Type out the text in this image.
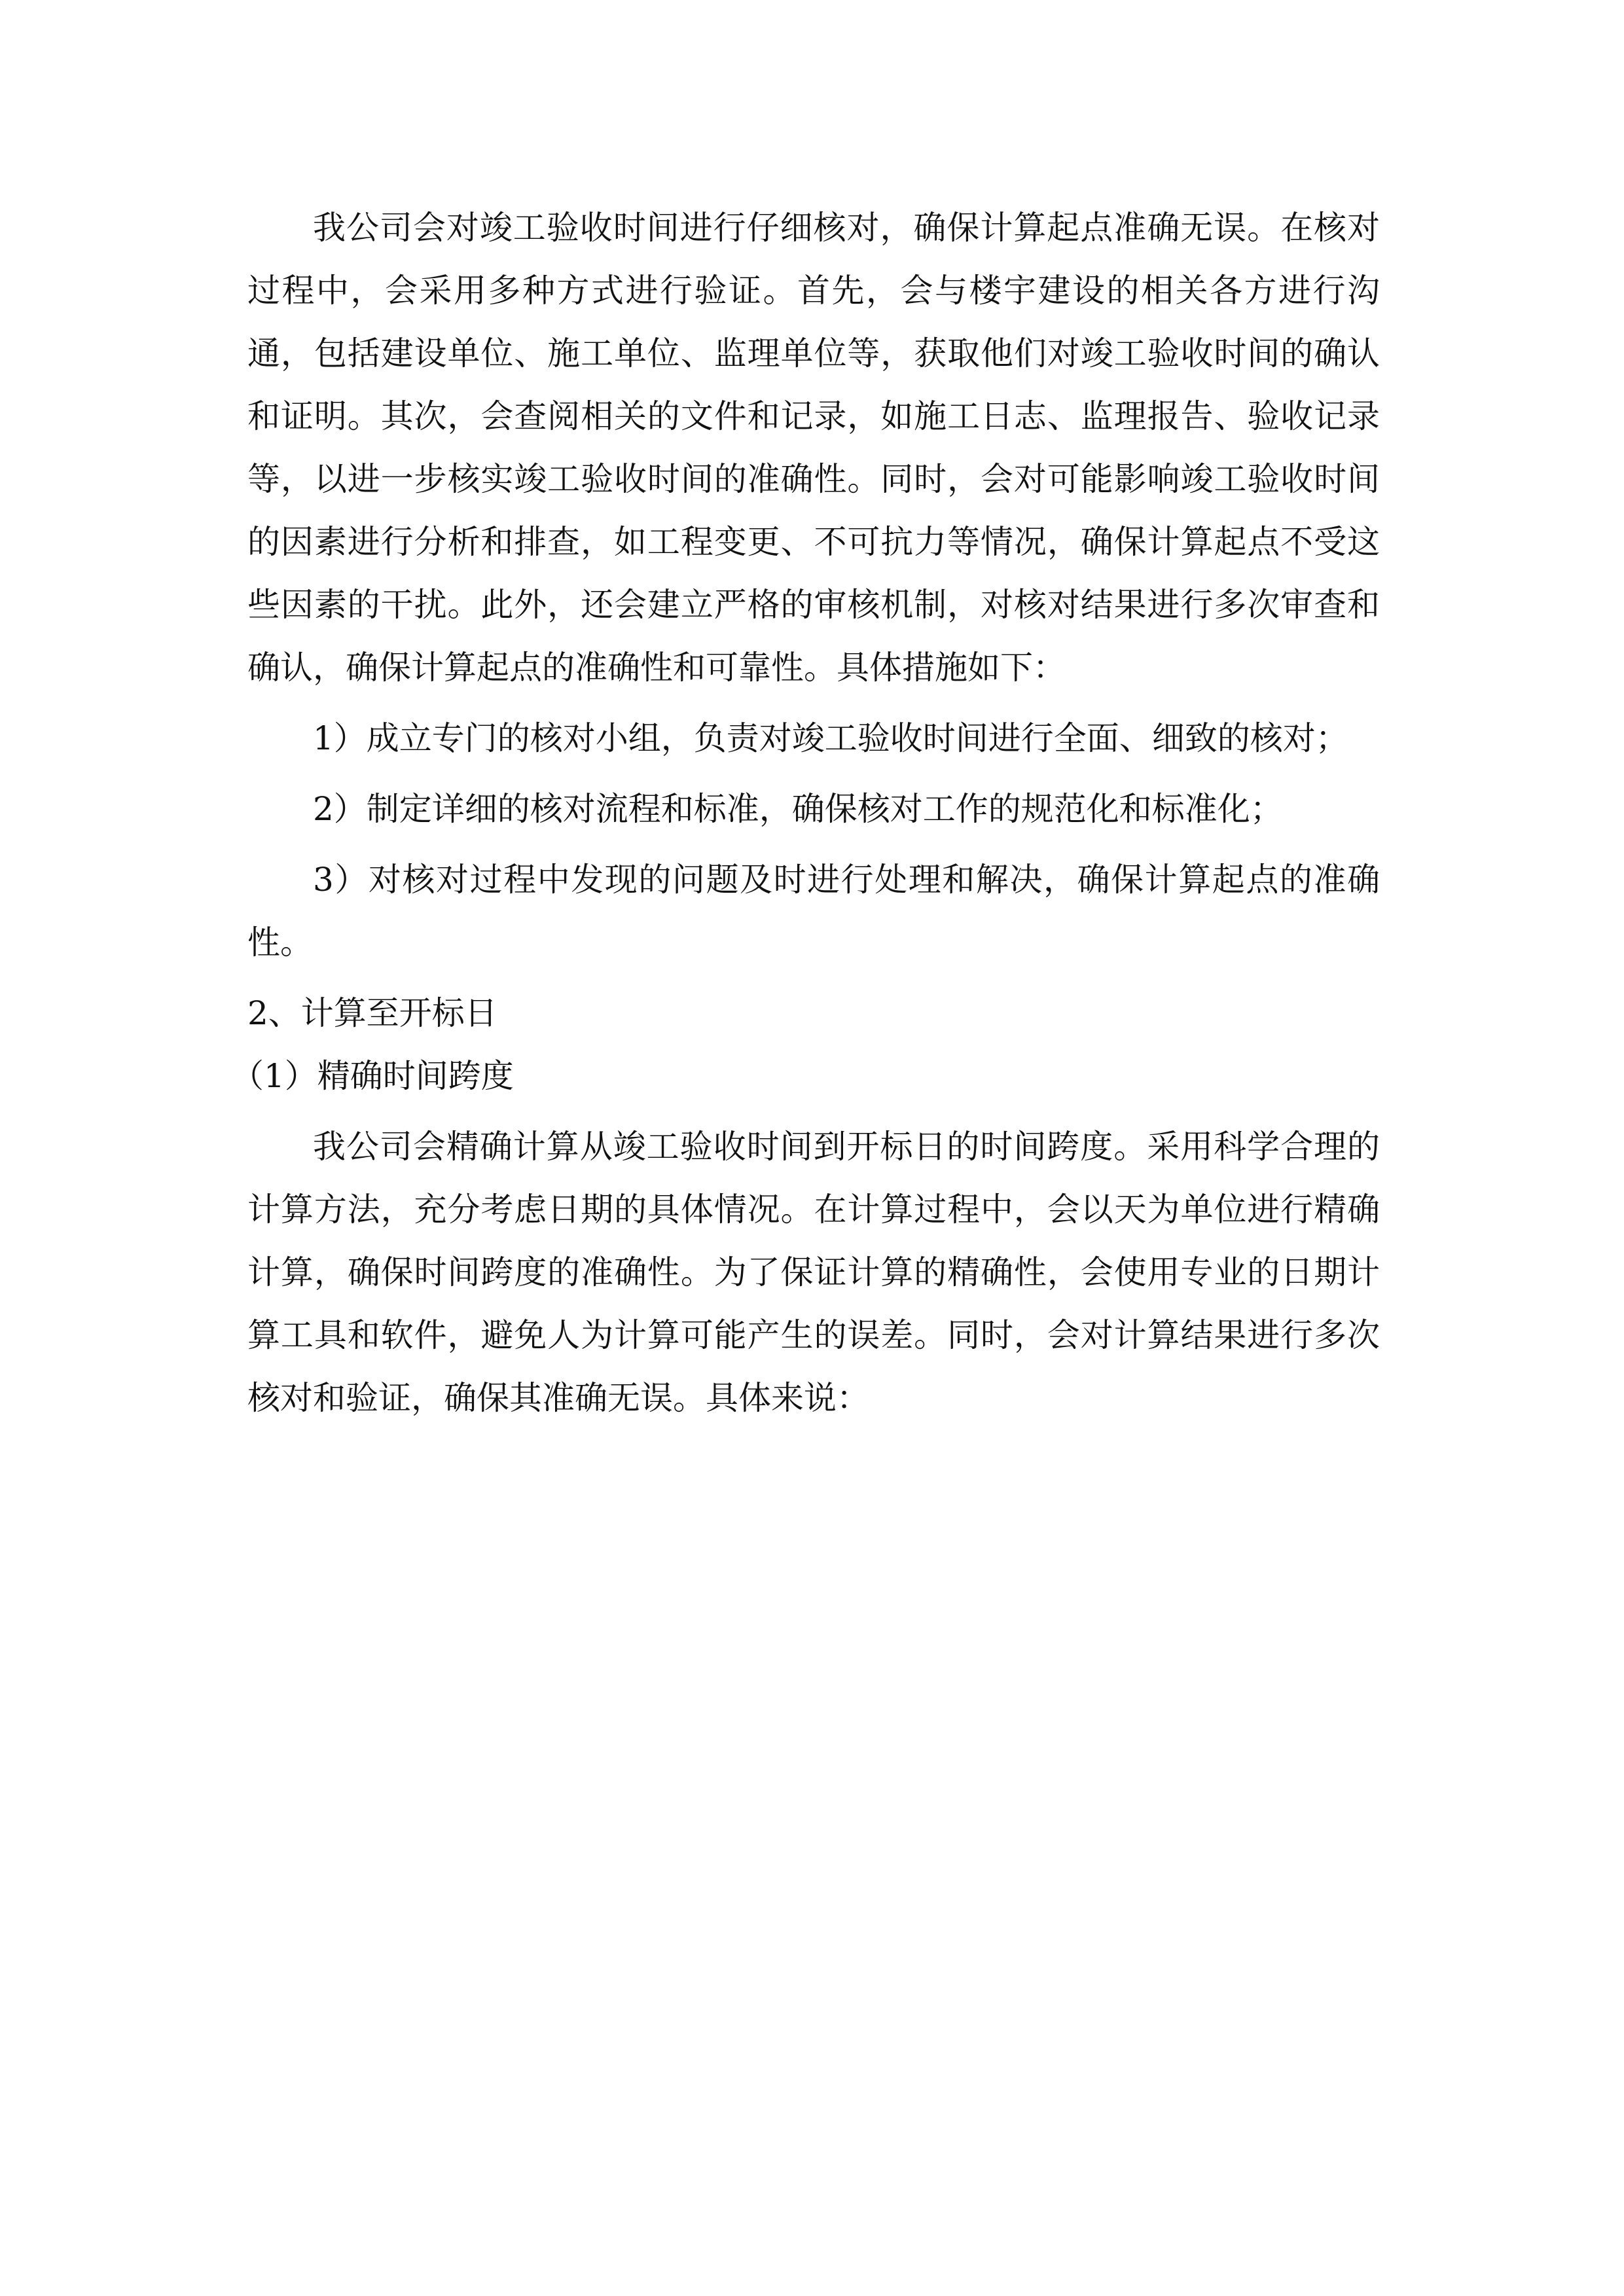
我公司会对竣工验收时间进行仔细核对，确保计算起点准确无误。在核对过程中，会采用多种方式进行验证。首先，会与楼宇建设的相关各方进行沟通，包括建设单位、施工单位、监理单位等，获取他们对竣工验收时间的确认和证明。其次，会查阅相关的文件和记录，如施工日志、监理报告、验收记录等，以进一步核实竣工验收时间的准确性。同时，会对可能影响竣工验收时间的因素进行分析和排查，如工程变更、不可抗力等情况，确保计算起点不受这些因素的干扰。此外，还会建立严格的审核机制，对核对结果进行多次审查和确认，确保计算起点的准确性和可靠性。具体措施如下：

1）成立专门的核对小组，负责对竣工验收时间进行全面、细致的核对；

2）制定详细的核对流程和标准，确保核对工作的规范化和标准化；

3）对核对过程中发现的问题及时进行处理和解决，确保计算起点的准确性。

2、计算至开标日

（1）精确时间跨度

我公司会精确计算从竣工验收时间到开标日的时间跨度。采用科学合理的计算方法，充分考虑日期的具体情况。在计算过程中，会以天为单位进行精确计算，确保时间跨度的准确性。为了保证计算的精确性，会使用专业的日期计算工具和软件，避免人为计算可能产生的误差。同时，会对计算结果进行多次核对和验证，确保其准确无误。具体来说：
